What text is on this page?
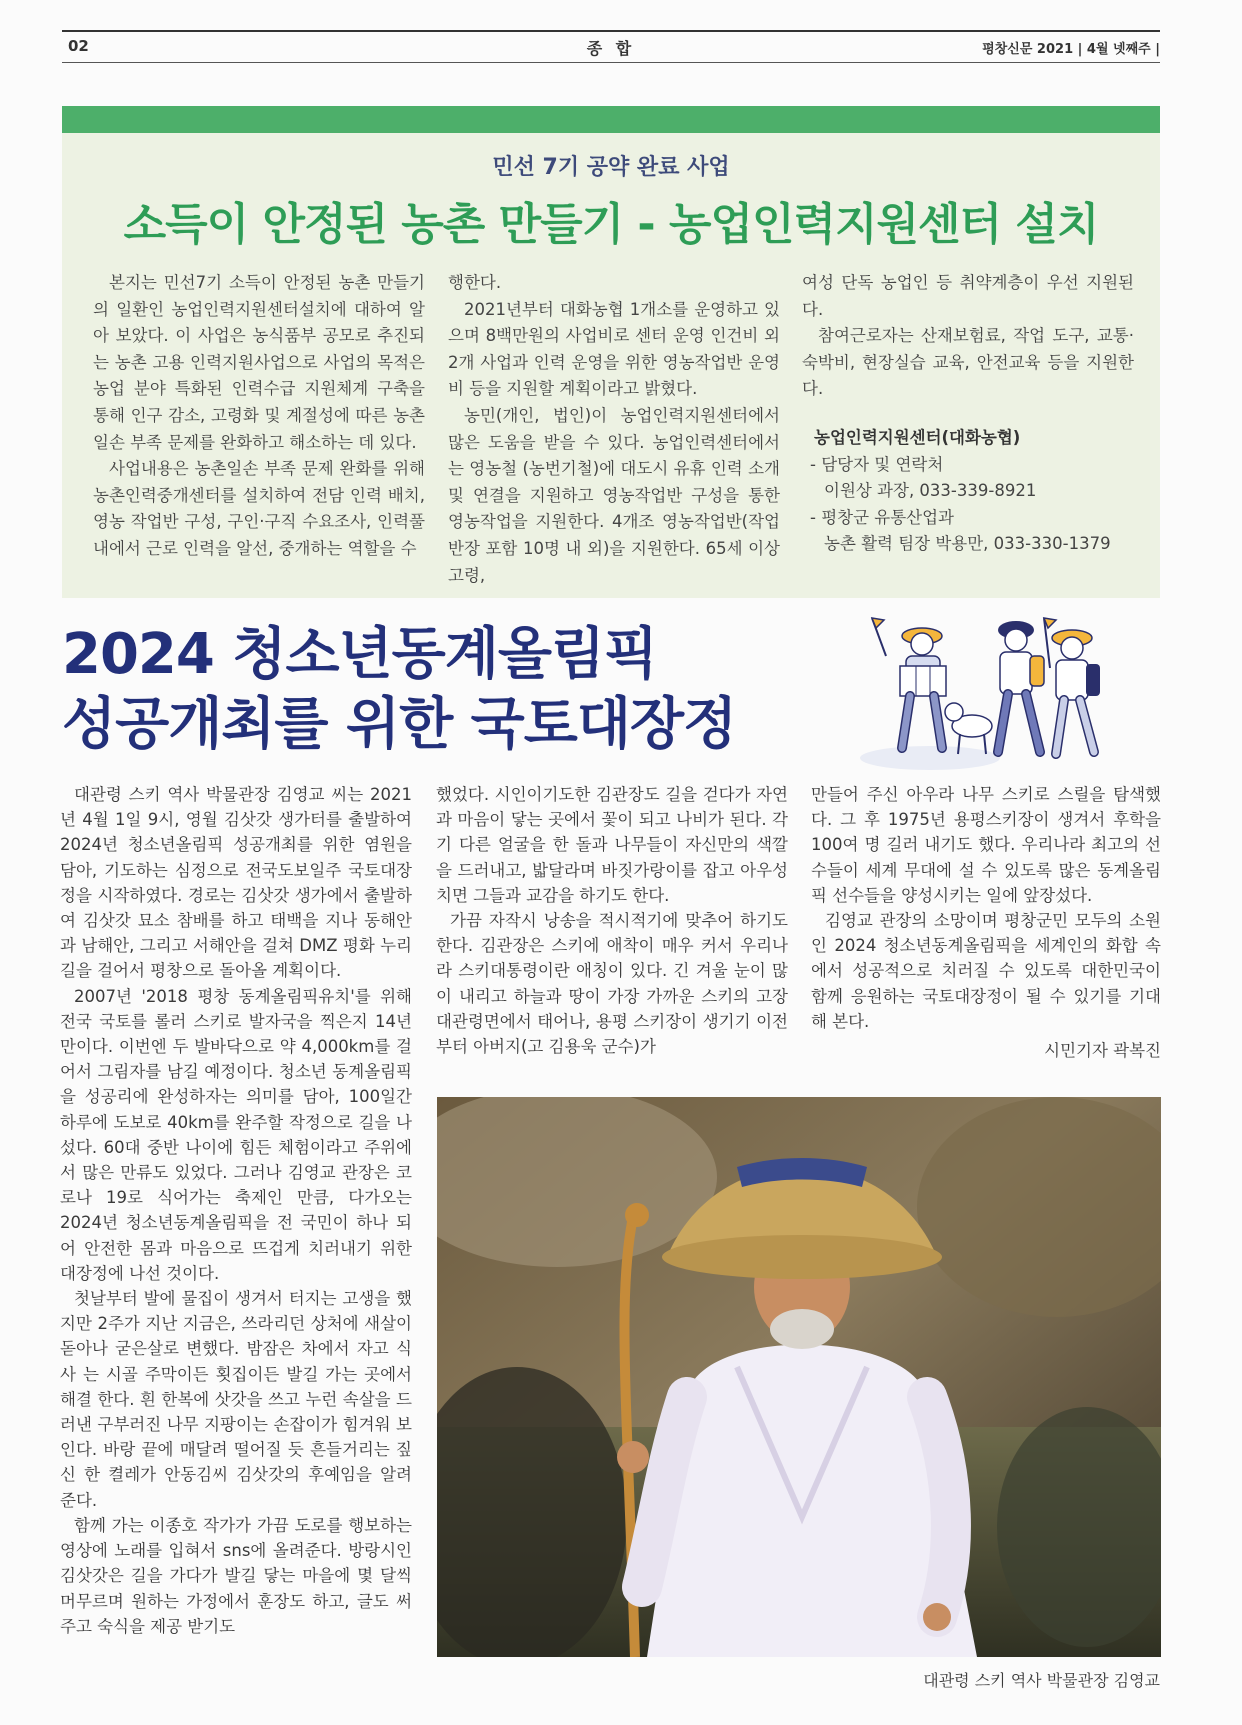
02	종 합	평창신문 2021 | 4월 넷째주 |
민선 7기 공약 완료 사업
소득이 안정된 농촌 만들기 - 농업인력지원센터 설치

본지는 민선7기 소득이 안정된 농촌 만들기의 일환인 농업인력지원센터설치에 대하여 알아 보았다. 이 사업은 농식품부 공모로 추진되는 농촌 고용 인력지원사업으로 사업의 목적은 농업 분야 특화된 인력수급 지원체계 구축을 통해 인구 감소, 고령화 및 계절성에 따른 농촌 일손 부족 문제를 완화하고 해소하는 데 있다.

사업내용은 농촌일손 부족 문제 완화를 위해 농촌인력중개센터를 설치하여 전담 인력 배치, 영농 작업반 구성, 구인·구직 수요조사, 인력풀 내에서 근로 인력을 알선, 중개하는 역할을 수

행한다.

2021년부터 대화농협 1개소를 운영하고 있으며 8백만원의 사업비로 센터 운영 인건비 외 2개 사업과 인력 운영을 위한 영농작업반 운영비 등을 지원할 계획이라고 밝혔다.

농민(개인, 법인)이 농업인력지원센터에서 많은 도움을 받을 수 있다. 농업인력센터에서는 영농철 (농번기철)에 대도시 유휴 인력 소개 및 연결을 지원하고 영농작업반 구성을 통한 영농작업을 지원한다. 4개조 영농작업반(작업반장 포함 10명 내 외)을 지원한다. 65세 이상 고령,

여성 단독 농업인 등 취약계층이 우선 지원된다.

참여근로자는 산재보험료, 작업 도구, 교통·숙박비, 현장실습 교육, 안전교육 등을 지원한다.

농업인력지원센터(대화농협)

- 담당자 및 연락처

이원상 과장, 033-339-8921

- 평창군 유통산업과

농촌 활력 팀장 박용만, 033-330-1379

2024 청소년동계올림픽
성공개최를 위한 국토대장정

대관령 스키 역사 박물관장 김영교 씨는 2021년 4월 1일 9시, 영월 김삿갓 생가터를 출발하여 2024년 청소년올림픽 성공개최를 위한 염원을 담아, 기도하는 심정으로 전국도보일주 국토대장정을 시작하였다. 경로는 김삿갓 생가에서 출발하여 김삿갓 묘소 참배를 하고 태백을 지나 동해안과 남해안, 그리고 서해안을 걸쳐 DMZ 평화 누리 길을 걸어서 평창으로 돌아올 계획이다.

2007년 '2018 평창 동계올림픽유치'를 위해 전국 국토를 롤러 스키로 발자국을 찍은지 14년 만이다. 이번엔 두 발바닥으로 약 4,000km를 걸어서 그림자를 남길 예정이다. 청소년 동계올림픽을 성공리에 완성하자는 의미를 담아, 100일간 하루에 도보로 40km를 완주할 작정으로 길을 나섰다. 60대 중반 나이에 힘든 체험이라고 주위에서 많은 만류도 있었다. 그러나 김영교 관장은 코로나 19로 식어가는 축제인 만큼, 다가오는 2024년 청소년동계올림픽을 전 국민이 하나 되어 안전한 몸과 마음으로 뜨겁게 치러내기 위한 대장정에 나선 것이다.

첫날부터 발에 물집이 생겨서 터지는 고생을 했지만 2주가 지난 지금은, 쓰라리던 상처에 새살이 돋아나 굳은살로 변했다. 밤잠은 차에서 자고 식사 는 시골 주막이든 횟집이든 발길 가는 곳에서 해결 한다. 흰 한복에 삿갓을 쓰고 누런 속살을 드러낸 구부러진 나무 지팡이는 손잡이가 힘겨워 보인다. 바랑 끝에 매달려 떨어질 듯 흔들거리는 짚신 한 켤레가 안동김씨 김삿갓의 후예임을 알려 준다.

함께 가는 이종호 작가가 가끔 도로를 행보하는 영상에 노래를 입혀서 sns에 올려준다. 방랑시인 김삿갓은 길을 가다가 발길 닿는 마을에 몇 달씩 머무르며 원하는 가정에서 훈장도 하고, 글도 써 주고 숙식을 제공 받기도

했었다. 시인이기도한 김관장도 길을 걷다가 자연과 마음이 닿는 곳에서 꽃이 되고 나비가 된다. 각기 다른 얼굴을 한 돌과 나무들이 자신만의 색깔을 드러내고, 밟달라며 바짓가랑이를 잡고 아우성치면 그들과 교감을 하기도 한다.

가끔 자작시 낭송을 적시적기에 맞추어 하기도 한다. 김관장은 스키에 애착이 매우 커서 우리나라 스키대통령이란 애칭이 있다. 긴 겨울 눈이 많이 내리고 하늘과 땅이 가장 가까운 스키의 고장 대관령면에서 태어나, 용평 스키장이 생기기 이전 부터 아버지(고 김용욱 군수)가

만들어 주신 아우라 나무 스키로 스릴을 탐색했다. 그 후 1975년 용평스키장이 생겨서 후학을 100여 명 길러 내기도 했다. 우리나라 최고의 선수들이 세계 무대에 설 수 있도록 많은 동계올림픽 선수들을 양성시키는 일에 앞장섰다.

김영교 관장의 소망이며 평창군민 모두의 소원인 2024 청소년동계올림픽을 세계인의 화합 속에서 성공적으로 치러질 수 있도록 대한민국이 함께 응원하는 국토대장정이 될 수 있기를 기대해 본다.

시민기자 곽복진

대관령 스키 역사 박물관장 김영교
